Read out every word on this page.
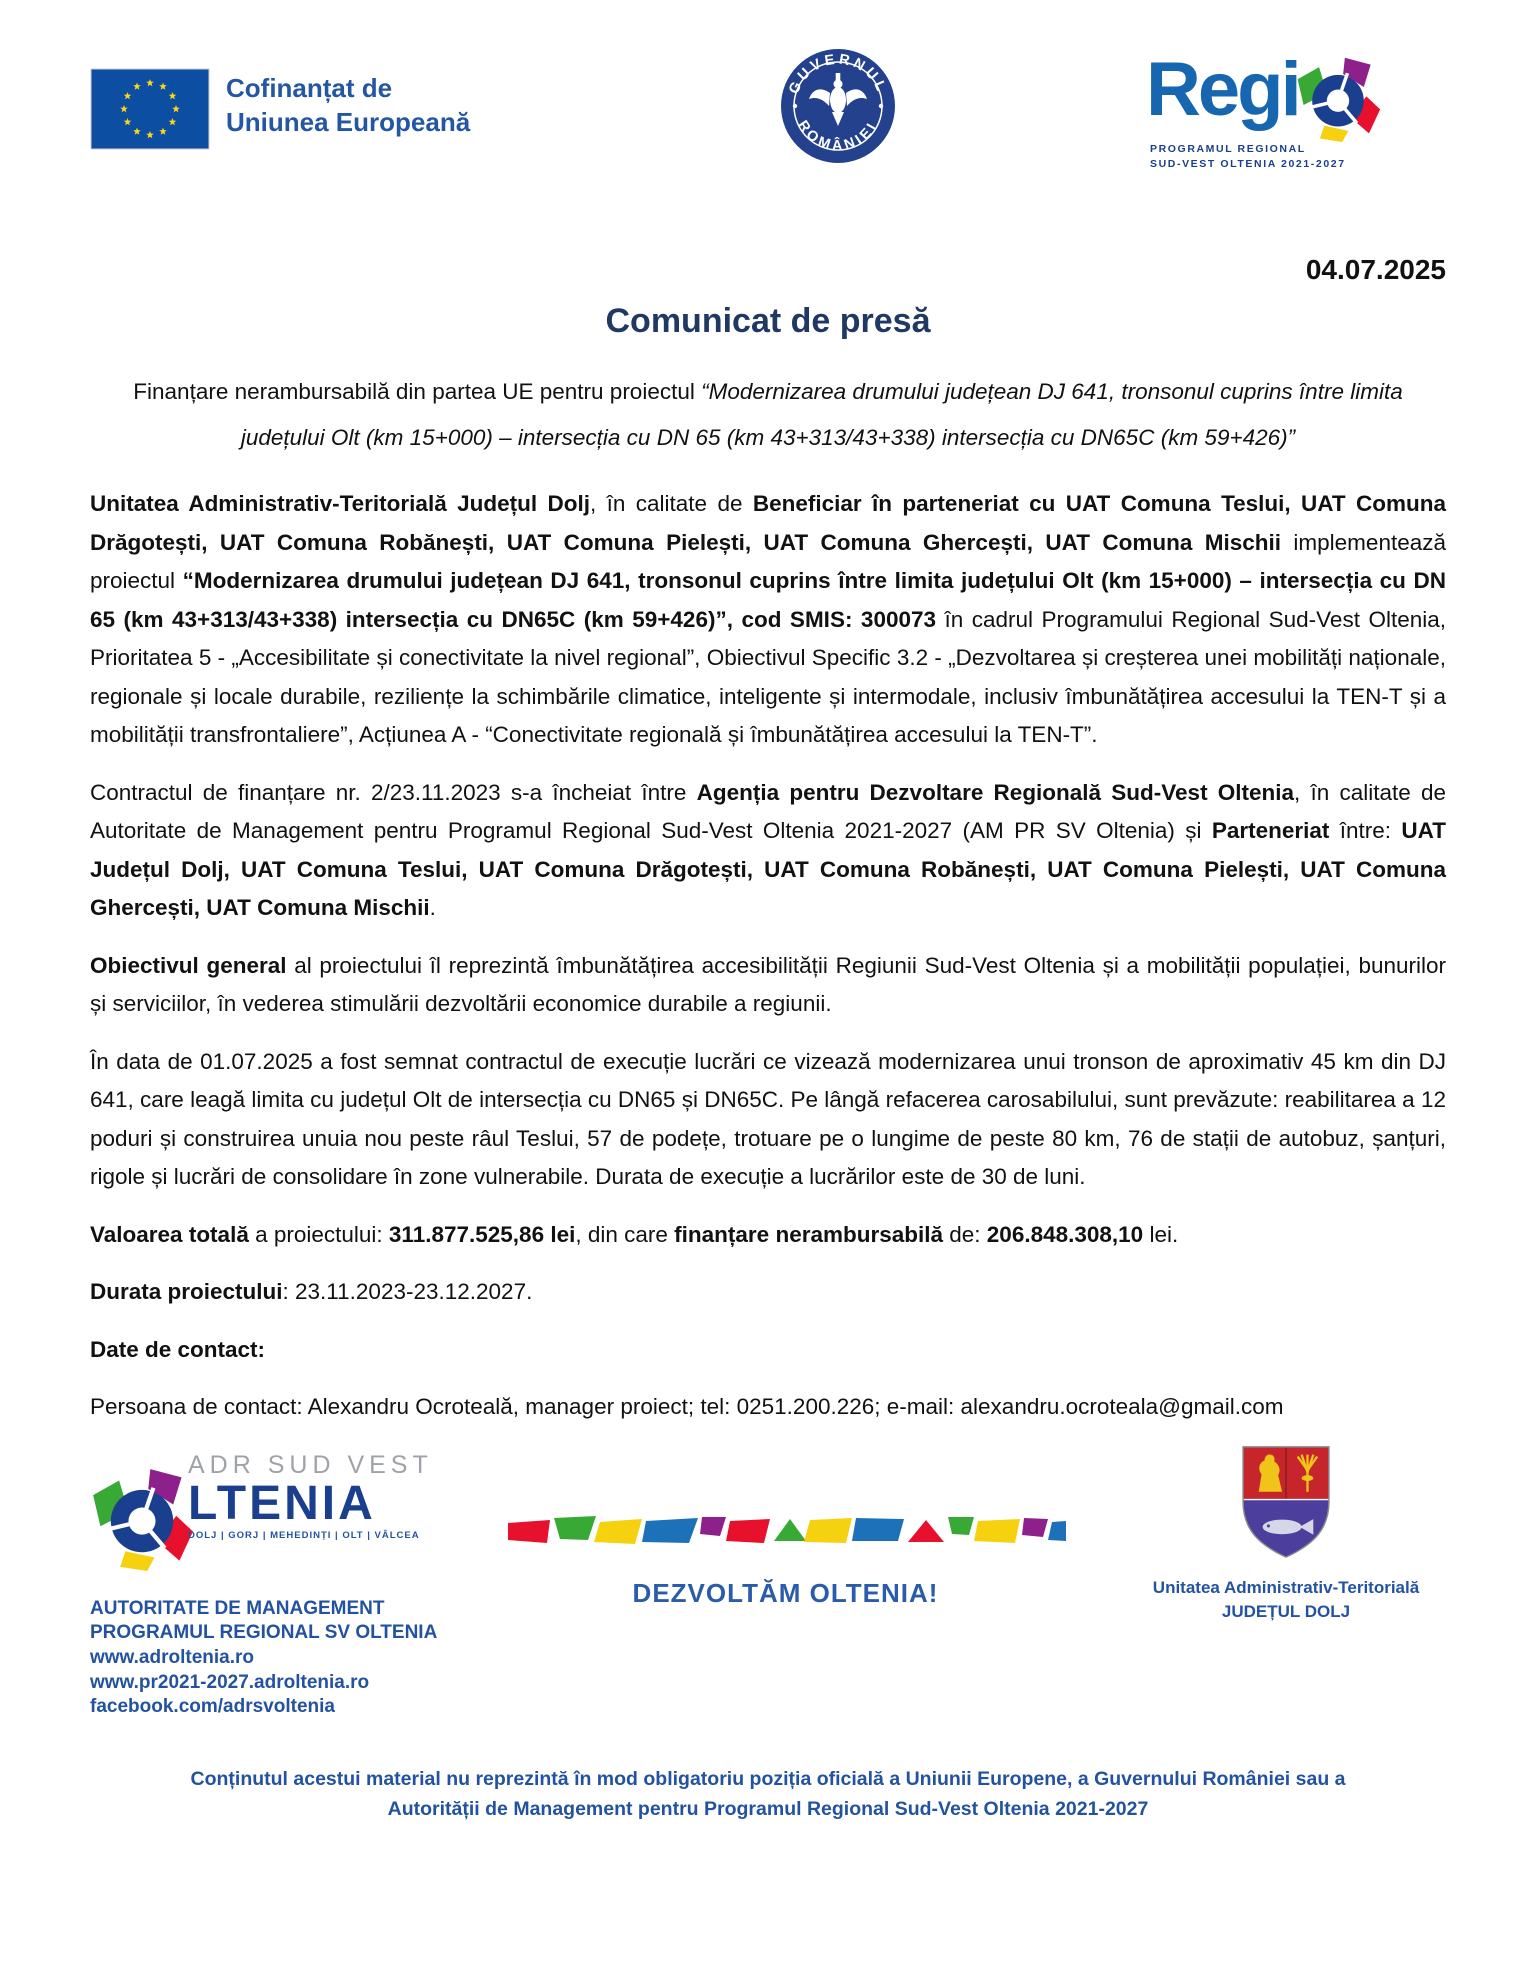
Cofinanțat de
Uniunea Europeană
GUVERNUL
ROMÂNIEI	Regi
PROGRAMUL REGIONAL
SUD-VEST OLTENIA 2021-2027
04.07.2025
Comunicat de presă
Finanțare nerambursabilă din partea UE pentru proiectul “Modernizarea drumului județean DJ 641, tronsonul cuprins între limita județului Olt (km 15+000) – intersecția cu DN 65 (km 43+313/43+338) intersecția cu DN65C (km 59+426)”

Unitatea Administrativ-Teritorială Județul Dolj, în calitate de Beneficiar în parteneriat cu UAT Comuna Teslui, UAT Comuna Drăgotești, UAT Comuna Robănești, UAT Comuna Pielești, UAT Comuna Ghercești, UAT Comuna Mischii implementează proiectul “Modernizarea drumului județean DJ 641, tronsonul cuprins între limita județului Olt (km 15+000) – intersecția cu DN 65 (km 43+313/43+338) intersecția cu DN65C (km 59+426)”, cod SMIS: 300073 în cadrul Programului Regional Sud-Vest Oltenia, Prioritatea 5 - „Accesibilitate și conectivitate la nivel regional”, Obiectivul Specific 3.2 - „Dezvoltarea și creșterea unei mobilități naționale, regionale și locale durabile, reziliențe la schimbările climatice, inteligente și intermodale, inclusiv îmbunătățirea accesului la TEN-T și a mobilității transfrontaliere”, Acțiunea A - “Conectivitate regională și îmbunătățirea accesului la TEN-T”.

Contractul de finanțare nr. 2/23.11.2023 s-a încheiat între Agenția pentru Dezvoltare Regională Sud-Vest Oltenia, în calitate de Autoritate de Management pentru Programul Regional Sud-Vest Oltenia 2021-2027 (AM PR SV Oltenia) și Parteneriat între: UAT Județul Dolj, UAT Comuna Teslui, UAT Comuna Drăgotești, UAT Comuna Robănești, UAT Comuna Pielești, UAT Comuna Ghercești, UAT Comuna Mischii.

Obiectivul general al proiectului îl reprezintă îmbunătățirea accesibilității Regiunii Sud-Vest Oltenia și a mobilității populației, bunurilor și serviciilor, în vederea stimulării dezvoltării economice durabile a regiunii.

În data de 01.07.2025 a fost semnat contractul de execuție lucrări ce vizează modernizarea unui tronson de aproximativ 45 km din DJ 641, care leagă limita cu județul Olt de intersecția cu DN65 și DN65C. Pe lângă refacerea carosabilului, sunt prevăzute: reabilitarea a 12 poduri și construirea unuia nou peste râul Teslui, 57 de podețe, trotuare pe o lungime de peste 80 km, 76 de stații de autobuz, șanțuri, rigole și lucrări de consolidare în zone vulnerabile. Durata de execuție a lucrărilor este de 30 de luni.

Valoarea totală a proiectului: 311.877.525,86 lei, din care finanțare nerambursabilă de: 206.848.308,10 lei.

Durata proiectului: 23.11.2023-23.12.2027.

Date de contact:

Persoana de contact: Alexandru Ocroteală, manager proiect; tel: 0251.200.226; e-mail: alexandru.ocroteala@gmail.com

ADR SUD VEST
LTENIA
DOLJ | GORJ | MEHEDINȚI | OLT | VÂLCEA
AUTORITATE DE MANAGEMENT
PROGRAMUL REGIONAL SV OLTENIA
www.adroltenia.ro
www.pr2021-2027.adroltenia.ro
facebook.com/adrsvoltenia
DEZVOLTĂM OLTENIA!	Unitatea Administrativ-Teritorială
JUDEȚUL DOLJ
Conținutul acestui material nu reprezintă în mod obligatoriu poziția oficială a Uniunii Europene, a Guvernului României sau a Autorității de Management pentru Programul Regional Sud-Vest Oltenia 2021-2027
